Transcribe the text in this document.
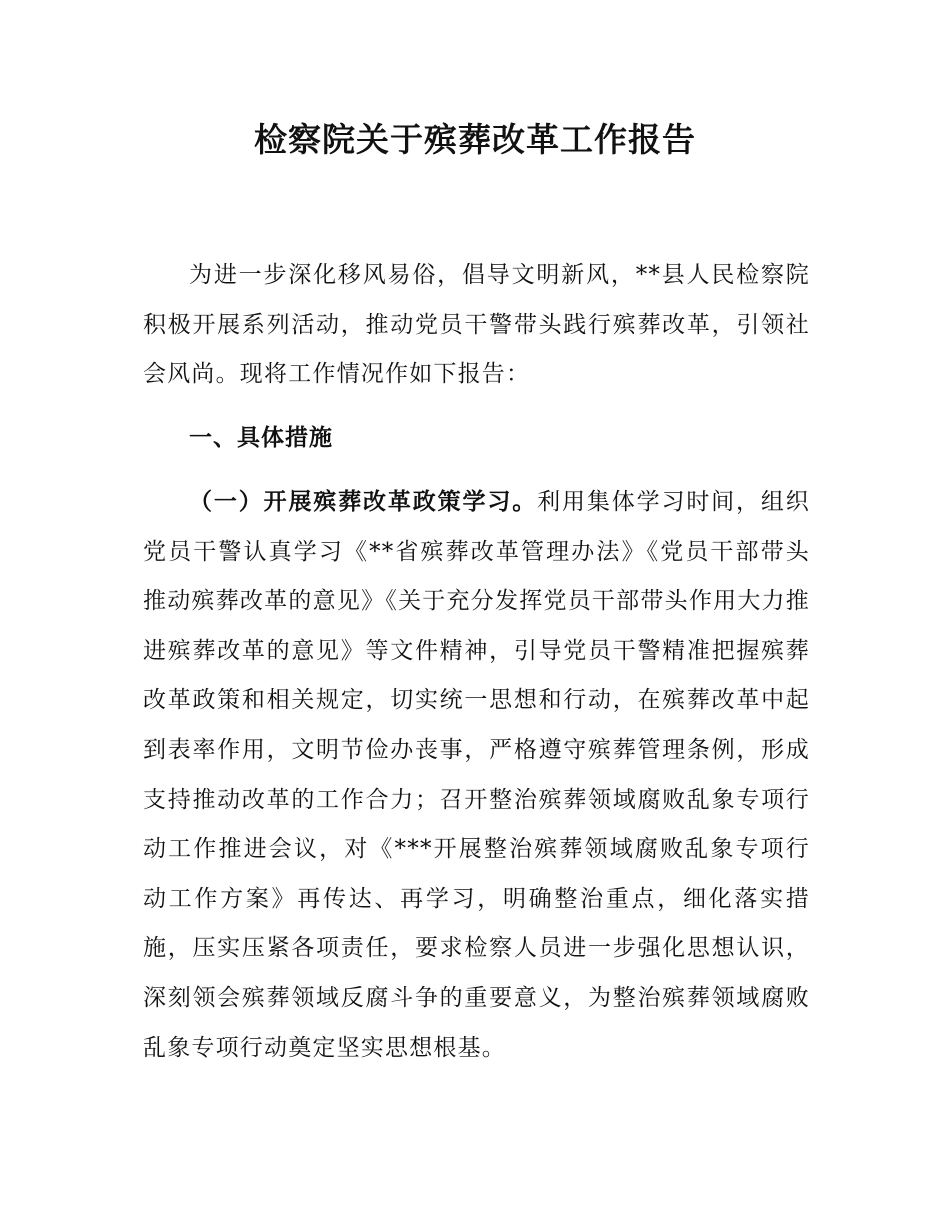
检察院关于殡葬改革工作报告

为进一步深化移风易俗，倡导文明新风，**县人民检察院积极开展系列活动，推动党员干警带头践行殡葬改革，引领社会风尚。现将工作情况作如下报告：

一、具体措施

（一）开展殡葬改革政策学习。利用集体学习时间，组织党员干警认真学习《**省殡葬改革管理办法》《党员干部带头推动殡葬改革的意见》《关于充分发挥党员干部带头作用大力推进殡葬改革的意见》等文件精神，引导党员干警精准把握殡葬改革政策和相关规定，切实统一思想和行动，在殡葬改革中起到表率作用，文明节俭办丧事，严格遵守殡葬管理条例，形成支持推动改革的工作合力；召开整治殡葬领域腐败乱象专项行动工作推进会议，对《***开展整治殡葬领域腐败乱象专项行动工作方案》再传达、再学习，明确整治重点，细化落实措施，压实压紧各项责任，要求检察人员进一步强化思想认识，深刻领会殡葬领域反腐斗争的重要意义，为整治殡葬领域腐败乱象专项行动奠定坚实思想根基。
